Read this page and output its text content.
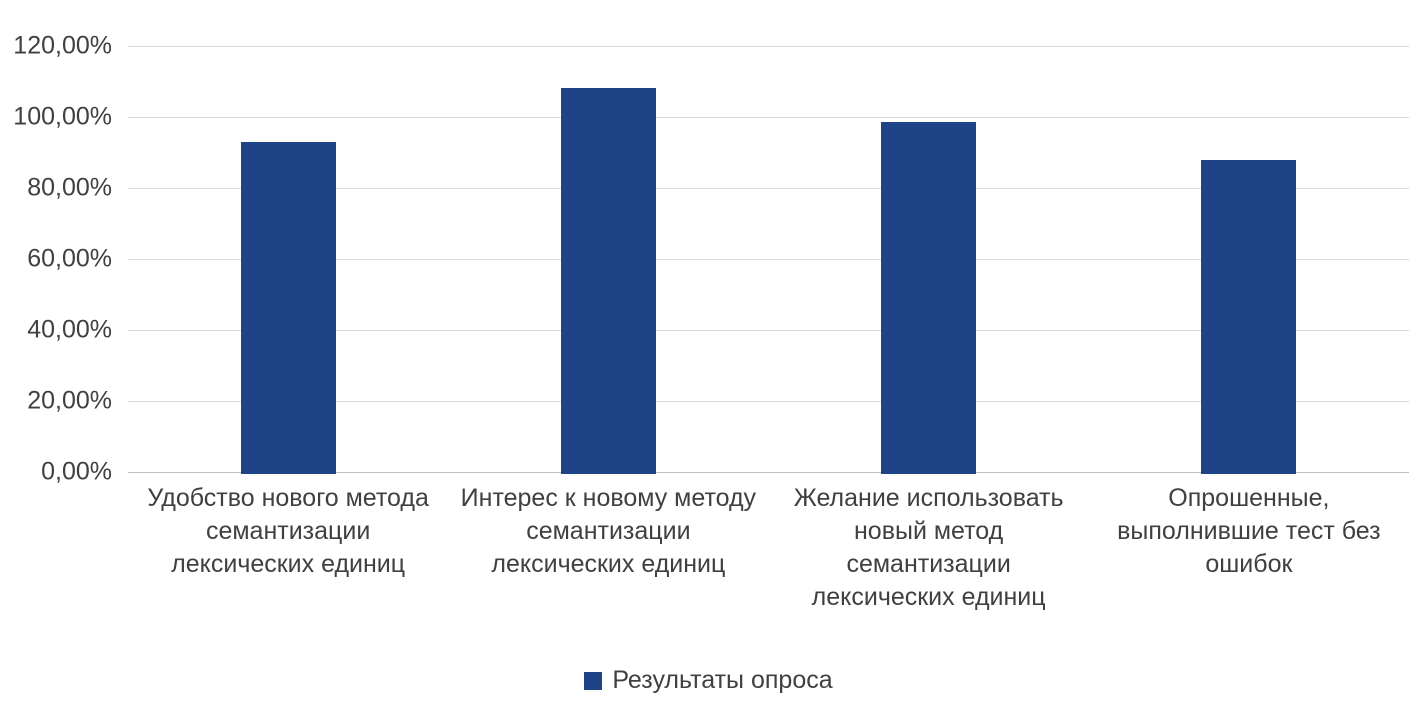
120,00%
100,00%
80,00%
60,00%
40,00%
20,00%
0,00%
Удобство нового метода семантизации лексических единиц
Интерес к новому методу семантизации лексических единиц
Желание использовать новый метод семантизации лексических единиц
Опрошенные, выполнившие тест без ошибок
Результаты опроса
